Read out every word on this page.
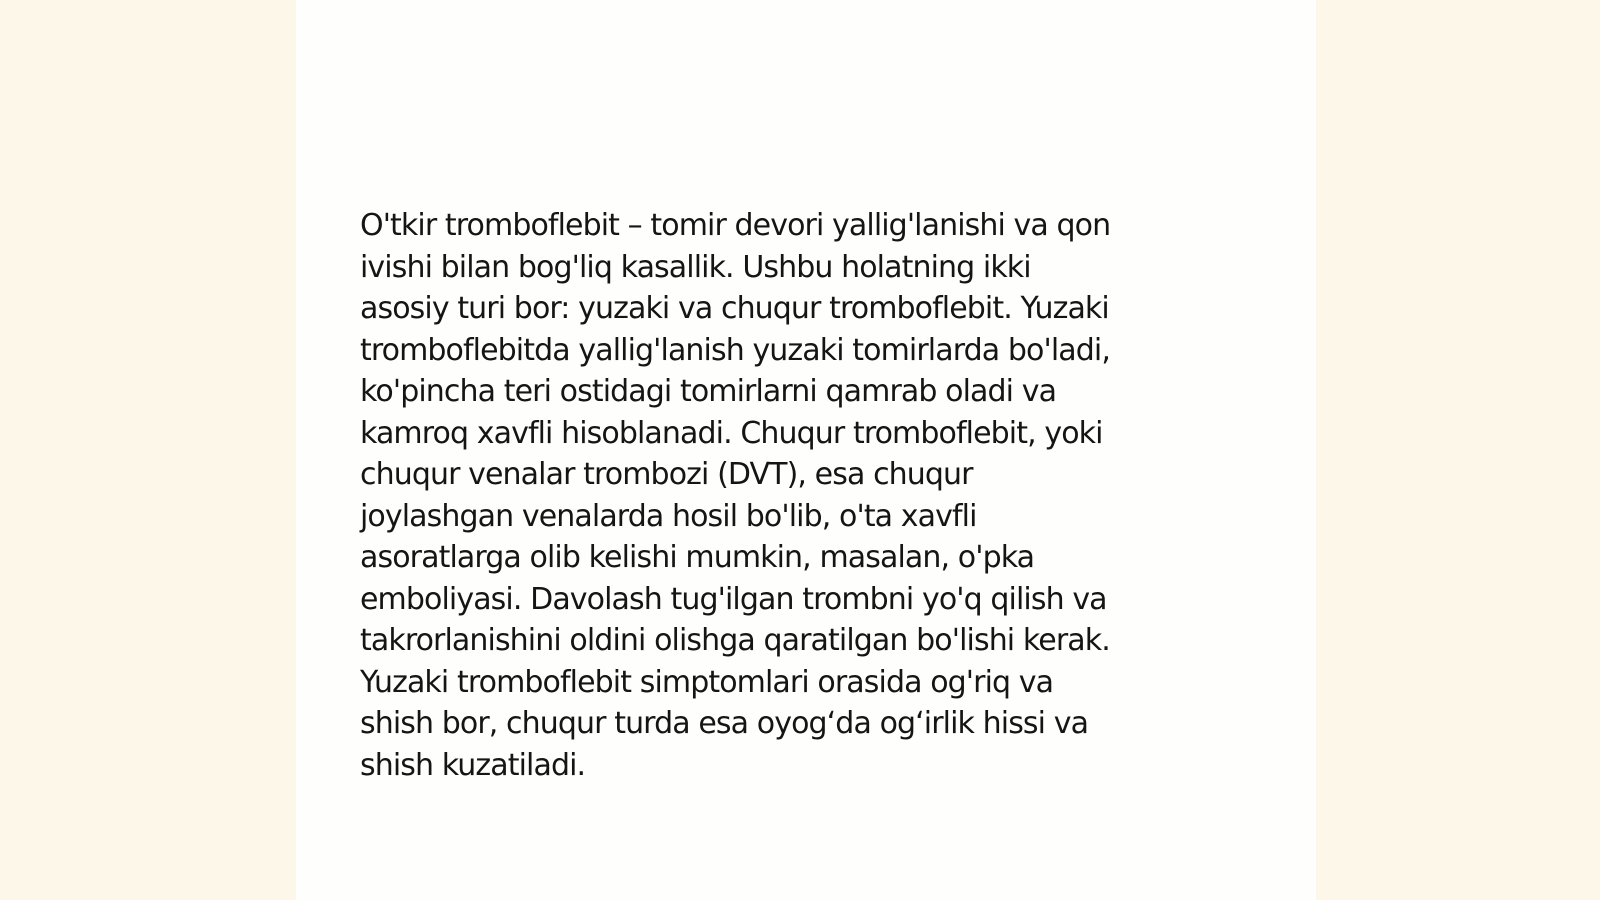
O'tkir tromboflebit – tomir devori yallig'lanishi va qon
ivishi bilan bog'liq kasallik. Ushbu holatning ikki
asosiy turi bor: yuzaki va chuqur tromboflebit. Yuzaki
tromboflebitda yallig'lanish yuzaki tomirlarda bo'ladi,
ko'pincha teri ostidagi tomirlarni qamrab oladi va
kamroq xavfli hisoblanadi. Chuqur tromboflebit, yoki
chuqur venalar trombozi (DVT), esa chuqur
joylashgan venalarda hosil bo'lib, o'ta xavfli
asoratlarga olib kelishi mumkin, masalan, o'pka
emboliyasi. Davolash tug'ilgan trombni yo'q qilish va
takrorlanishini oldini olishga qaratilgan bo'lishi kerak.
Yuzaki tromboflebit simptomlari orasida og'riq va
shish bor, chuqur turda esa oyog‘da og‘irlik hissi va
shish kuzatiladi.
